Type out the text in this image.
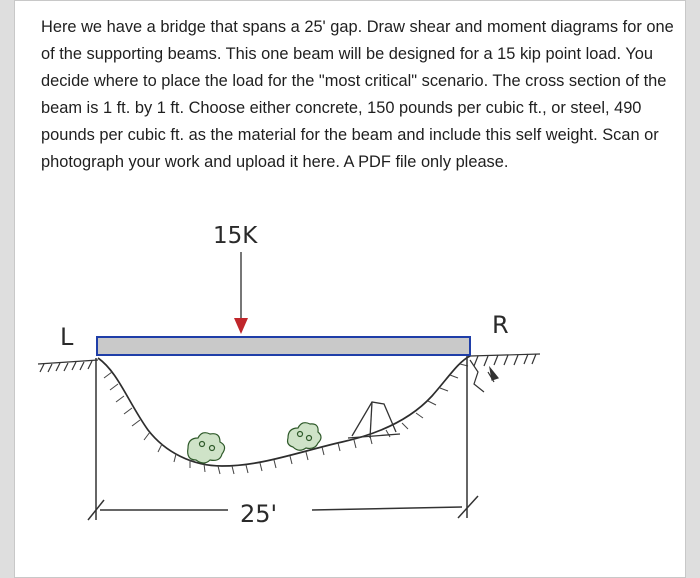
Here we have a bridge that spans a 25' gap. Draw shear and moment diagrams for one of the supporting beams. This one beam will be designed for a 15 kip point load. You decide where to place the load for the "most critical" scenario. The cross section of the beam is 1 ft. by 1 ft. Choose either concrete, 150 pounds per cubic ft., or steel, 490 pounds per cubic ft. as the material for the beam and include this self weight. Scan or photograph your work and upload it here. A PDF file only please.

15K
L	R
25'
